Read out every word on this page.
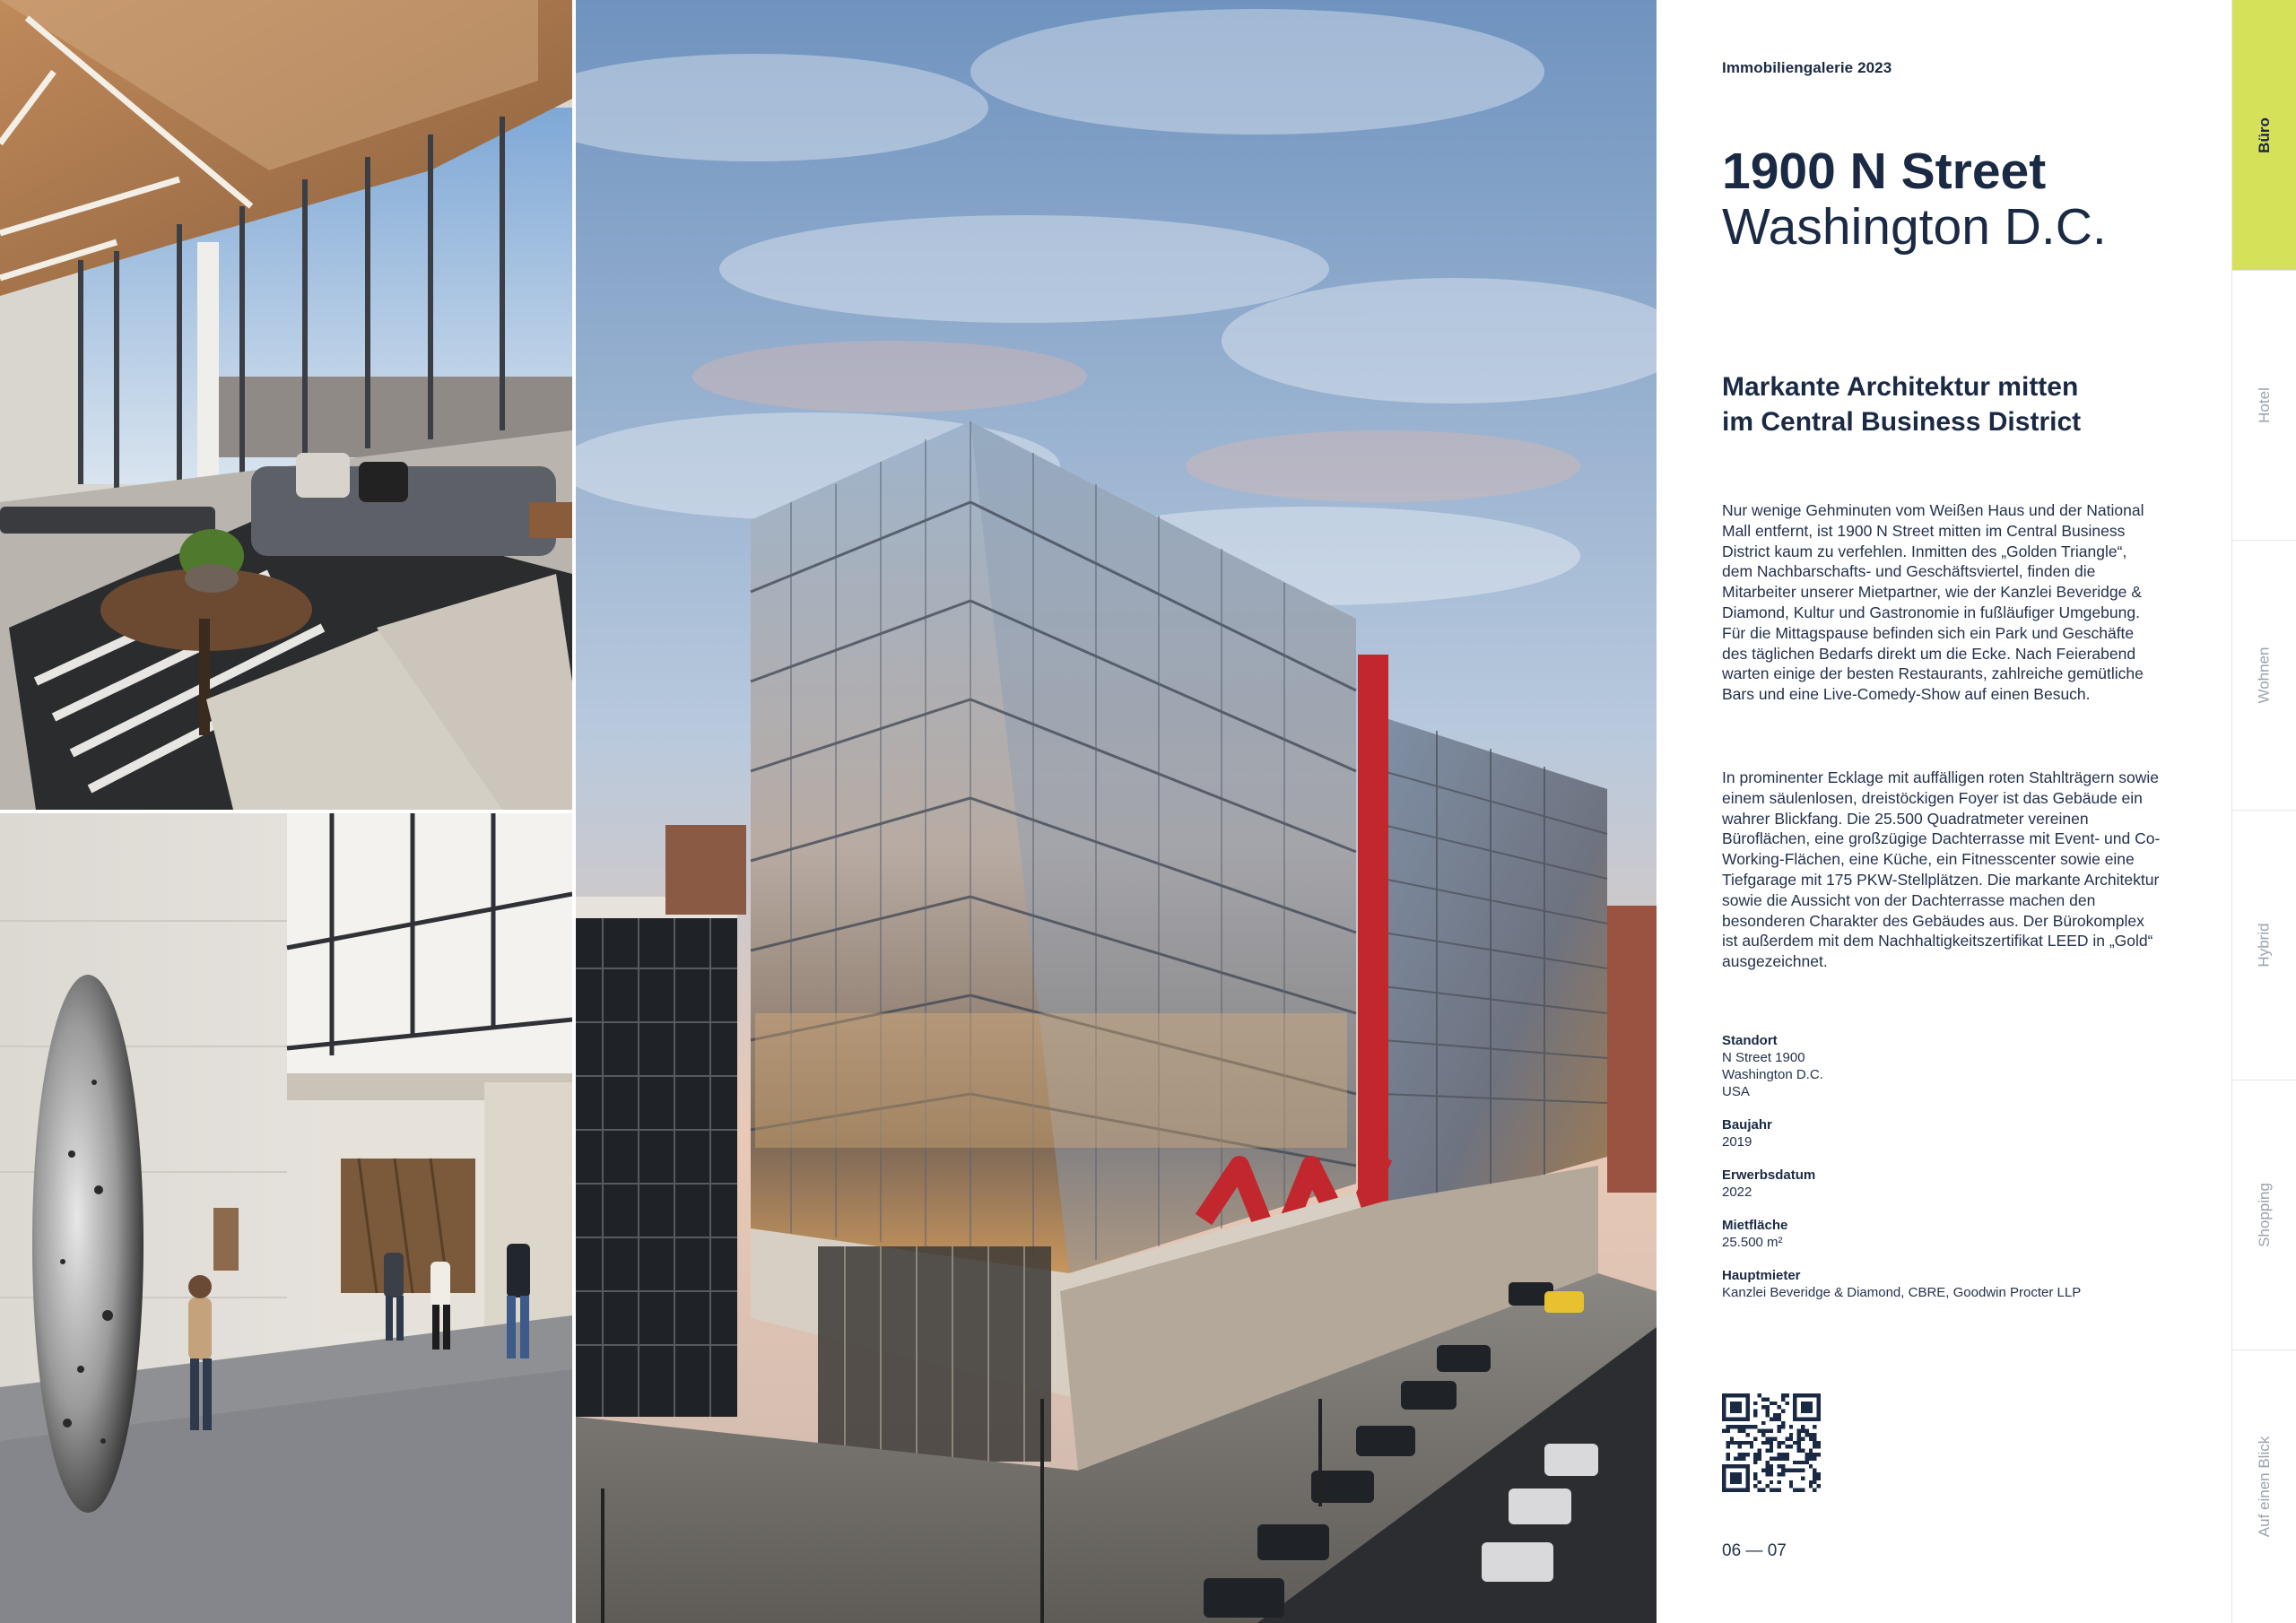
Immobiliengalerie 2023
1900 N Street
Washington D.C.
Markante Architektur mitten im Central Business District

Nur wenige Gehminuten vom Weißen Haus und der National Mall entfernt, ist 1900 N Street mitten im Central Business District kaum zu verfehlen. Inmitten des „Golden Triangle“, dem Nachbarschafts- und Geschäftsviertel, finden die Mitarbeiter unserer Mietpartner, wie der Kanzlei Beveridge & Diamond, Kultur und Gastronomie in fußläufiger Umgebung. Für die Mittagspause befinden sich ein Park und Geschäfte des täglichen Bedarfs direkt um die Ecke. Nach Feierabend warten einige der besten Restaurants, zahlreiche gemütliche Bars und eine Live-Comedy-Show auf einen Besuch.

In prominenter Ecklage mit auffälligen roten Stahlträgern sowie einem säulenlosen, dreistöckigen Foyer ist das Gebäude ein wahrer Blickfang. Die 25.500 Quadratmeter vereinen Büroflächen, eine großzügige Dachterrasse mit Event- und Co-Working-Flächen, eine Küche, ein Fitnesscenter sowie eine Tiefgarage mit 175 PKW-Stellplätzen. Die markante Architektur sowie die Aussicht von der Dachterrasse machen den besonderen Charakter des Gebäudes aus. Der Bürokomplex ist außerdem mit dem Nachhaltigkeitszertifikat LEED in „Gold“ ausgezeichnet.

Standort
N Street 1900
Washington D.C.
USA
Baujahr
2019
Erwerbsdatum
2022
Mietfläche
25.500 m²
Hauptmieter
Kanzlei Beveridge & Diamond, CBRE, Goodwin Procter LLP
06 — 07
Büro
Hotel
Wohnen
Hybrid
Shopping
Auf einen Blick
